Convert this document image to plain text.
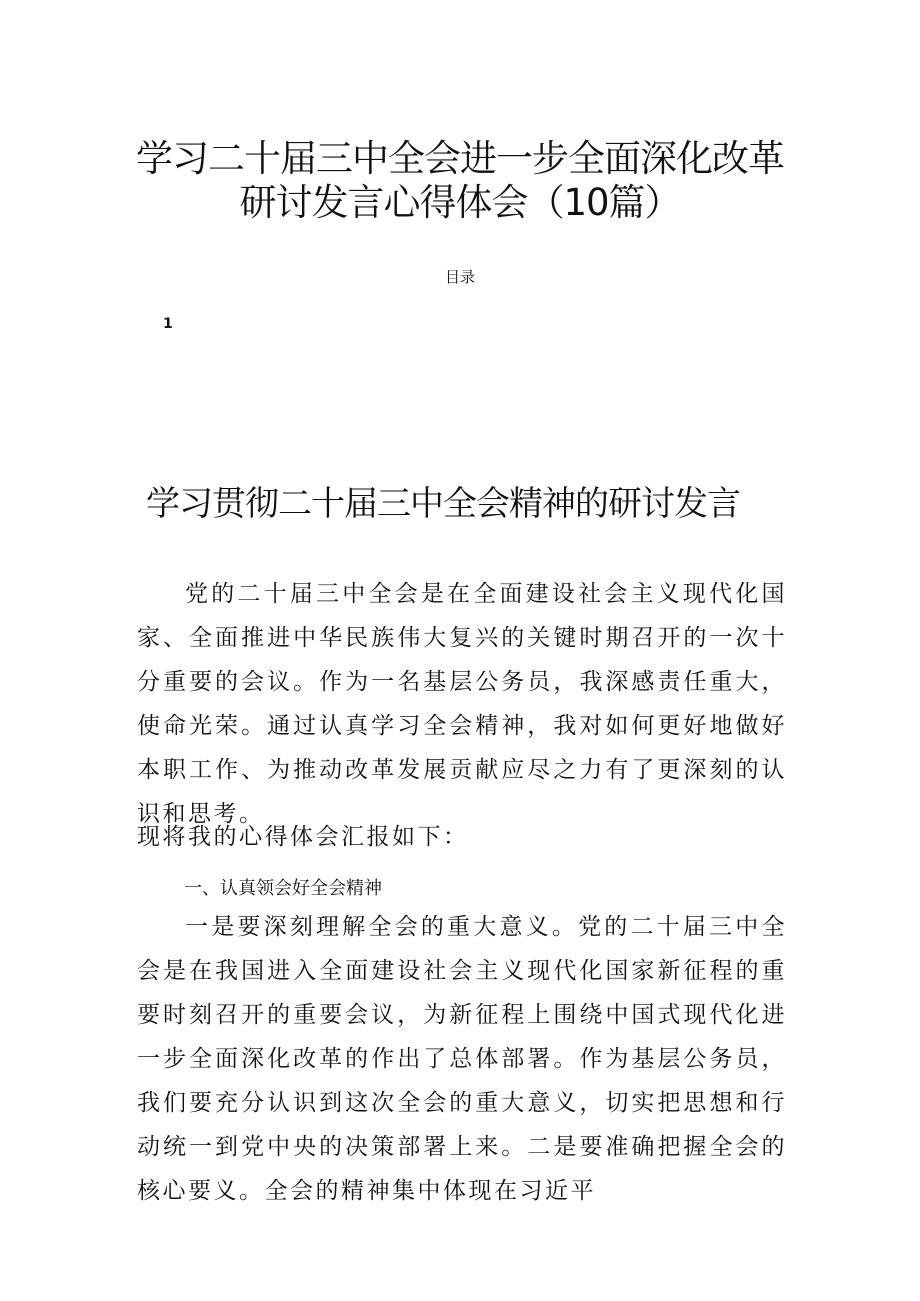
学习二十届三中全会进一步全面深化改革
研讨发言心得体会（10篇）

目录

1

学习贯彻二十届三中全会精神的研讨发言

党的二十届三中全会是在全面建设社会主义现代化国家、全面推进中华民族伟大复兴的关键时期召开的一次十分重要的会议。作为一名基层公务员，我深感责任重大，使命光荣。通过认真学习全会精神，我对如何更好地做好本职工作、为推动改革发展贡献应尽之力有了更深刻的认识和思考。

现将我的心得体会汇报如下：

一、认真领会好全会精神

一是要深刻理解全会的重大意义。党的二十届三中全会是在我国进入全面建设社会主义现代化国家新征程的重要时刻召开的重要会议，为新征程上围绕中国式现代化进一步全面深化改革的作出了总体部署。作为基层公务员，我们要充分认识到这次全会的重大意义，切实把思想和行动统一到党中央的决策部署上来。二是要准确把握全会的核心要义。全会的精神集中体现在习近平
